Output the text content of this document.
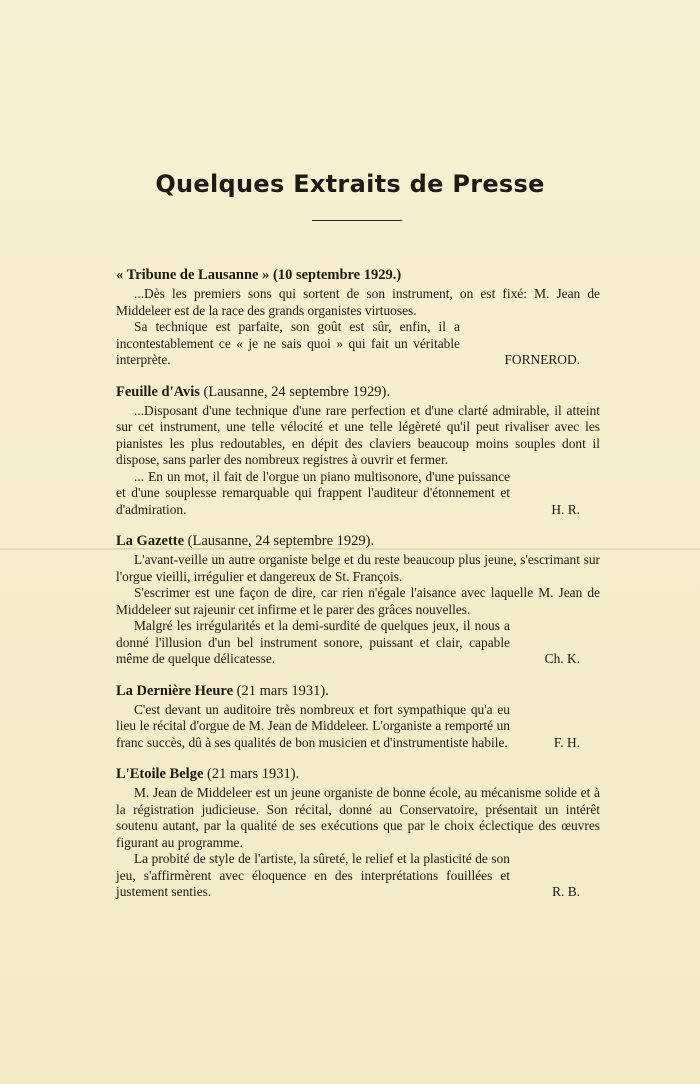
Quelques Extraits de Presse
« Tribune de Lausanne » (10 septembre 1929.)

...Dès les premiers sons qui sortent de son instrument, on est fixé: M. Jean de Middeleer est de la race des grands organistes virtuoses.

Sa technique est parfaite, son goût est sûr, enfin, il a incontestablement ce « je ne sais quoi » qui fait un véritable interprète.	FORNEROD.
Feuille d'Avis (Lausanne, 24 septembre 1929).

...Disposant d'une technique d'une rare perfection et d'une clarté admirable, il atteint sur cet instrument, une telle vélocité et une telle légèreté qu'il peut rivaliser avec les pianistes les plus redoutables, en dépit des claviers beaucoup moins souples dont il dispose, sans parler des nombreux registres à ouvrir et fermer.

... En un mot, il fait de l'orgue un piano multisonore, d'une puissance et d'une souplesse remarquable qui frappent l'auditeur d'étonnement et d'admiration.	H. R.
La Gazette (Lausanne, 24 septembre 1929).

L'avant-veille un autre organiste belge et du reste beaucoup plus jeune, s'escrimant sur l'orgue vieilli, irrégulier et dangereux de St. François.

S'escrimer est une façon de dire, car rien n'égale l'aisance avec laquelle M. Jean de Middeleer sut rajeunir cet infirme et le parer des grâces nouvelles.

Malgré les irrégularités et la demi-surdité de quelques jeux, il nous a donné l'illusion d'un bel instrument sonore, puissant et clair, capable même de quelque délicatesse.	Ch. K.
La Dernière Heure (21 mars 1931).

C'est devant un auditoire très nombreux et fort sympathique qu'a eu lieu le récital d'orgue de M. Jean de Middeleer. L'organiste a remporté un franc succès, dû à ses qualités de bon musicien et d'instrumentiste habile.	F. H.
L'Etoile Belge (21 mars 1931).

M. Jean de Middeleer est un jeune organiste de bonne école, au mécanisme solide et à la régistration judicieuse. Son récital, donné au Conservatoire, présentait un intérêt soutenu autant, par la qualité de ses exécutions que par le choix éclectique des œuvres figurant au programme.

La probité de style de l'artiste, la sûreté, le relief et la plasticité de son jeu, s'affirmèrent avec éloquence en des interprétations fouillées et justement senties.	R. B.
